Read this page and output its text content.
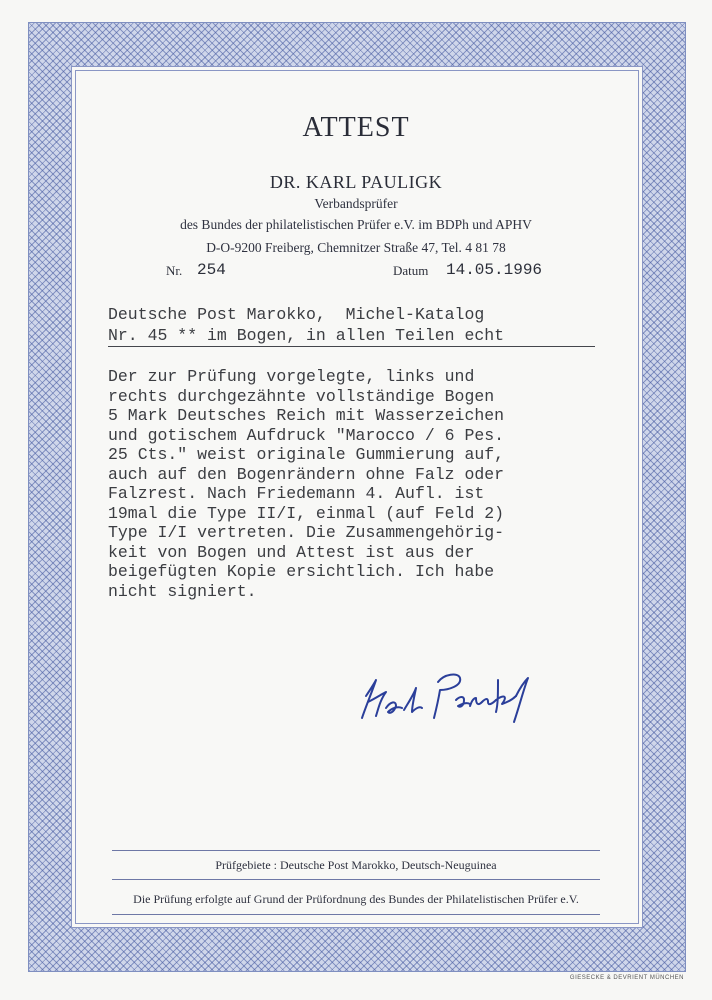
ATTEST
DR. KARL PAULIGK
Verbandsprüfer
des Bundes der philatelistischen Prüfer e.V. im BDPh und APHV
D-O-9200 Freiberg, Chemnitzer Straße 47, Tel. 4 81 78
Nr. 254	Datum 14.05.1996
Deutsche Post Marokko,  Michel-Katalog
Nr. 45 ** im Bogen, in allen Teilen echt
Der zur Prüfung vorgelegte, links und
rechts durchgezähnte vollständige Bogen
5 Mark Deutsches Reich mit Wasserzeichen
und gotischem Aufdruck "Marocco / 6 Pes.
25 Cts." weist originale Gummierung auf,
auch auf den Bogenrändern ohne Falz oder
Falzrest. Nach Friedemann 4. Aufl. ist
19mal die Type II/I, einmal (auf Feld 2)
Type I/I vertreten. Die Zusammengehörig-
keit von Bogen und Attest ist aus der
beigefügten Kopie ersichtlich. Ich habe
nicht signiert.
Prüfgebiete : Deutsche Post Marokko, Deutsch-Neuguinea
Die Prüfung erfolgte auf Grund der Prüfordnung des Bundes der Philatelistischen Prüfer e.V.
GIESECKE & DEVRIENT MÜNCHEN
